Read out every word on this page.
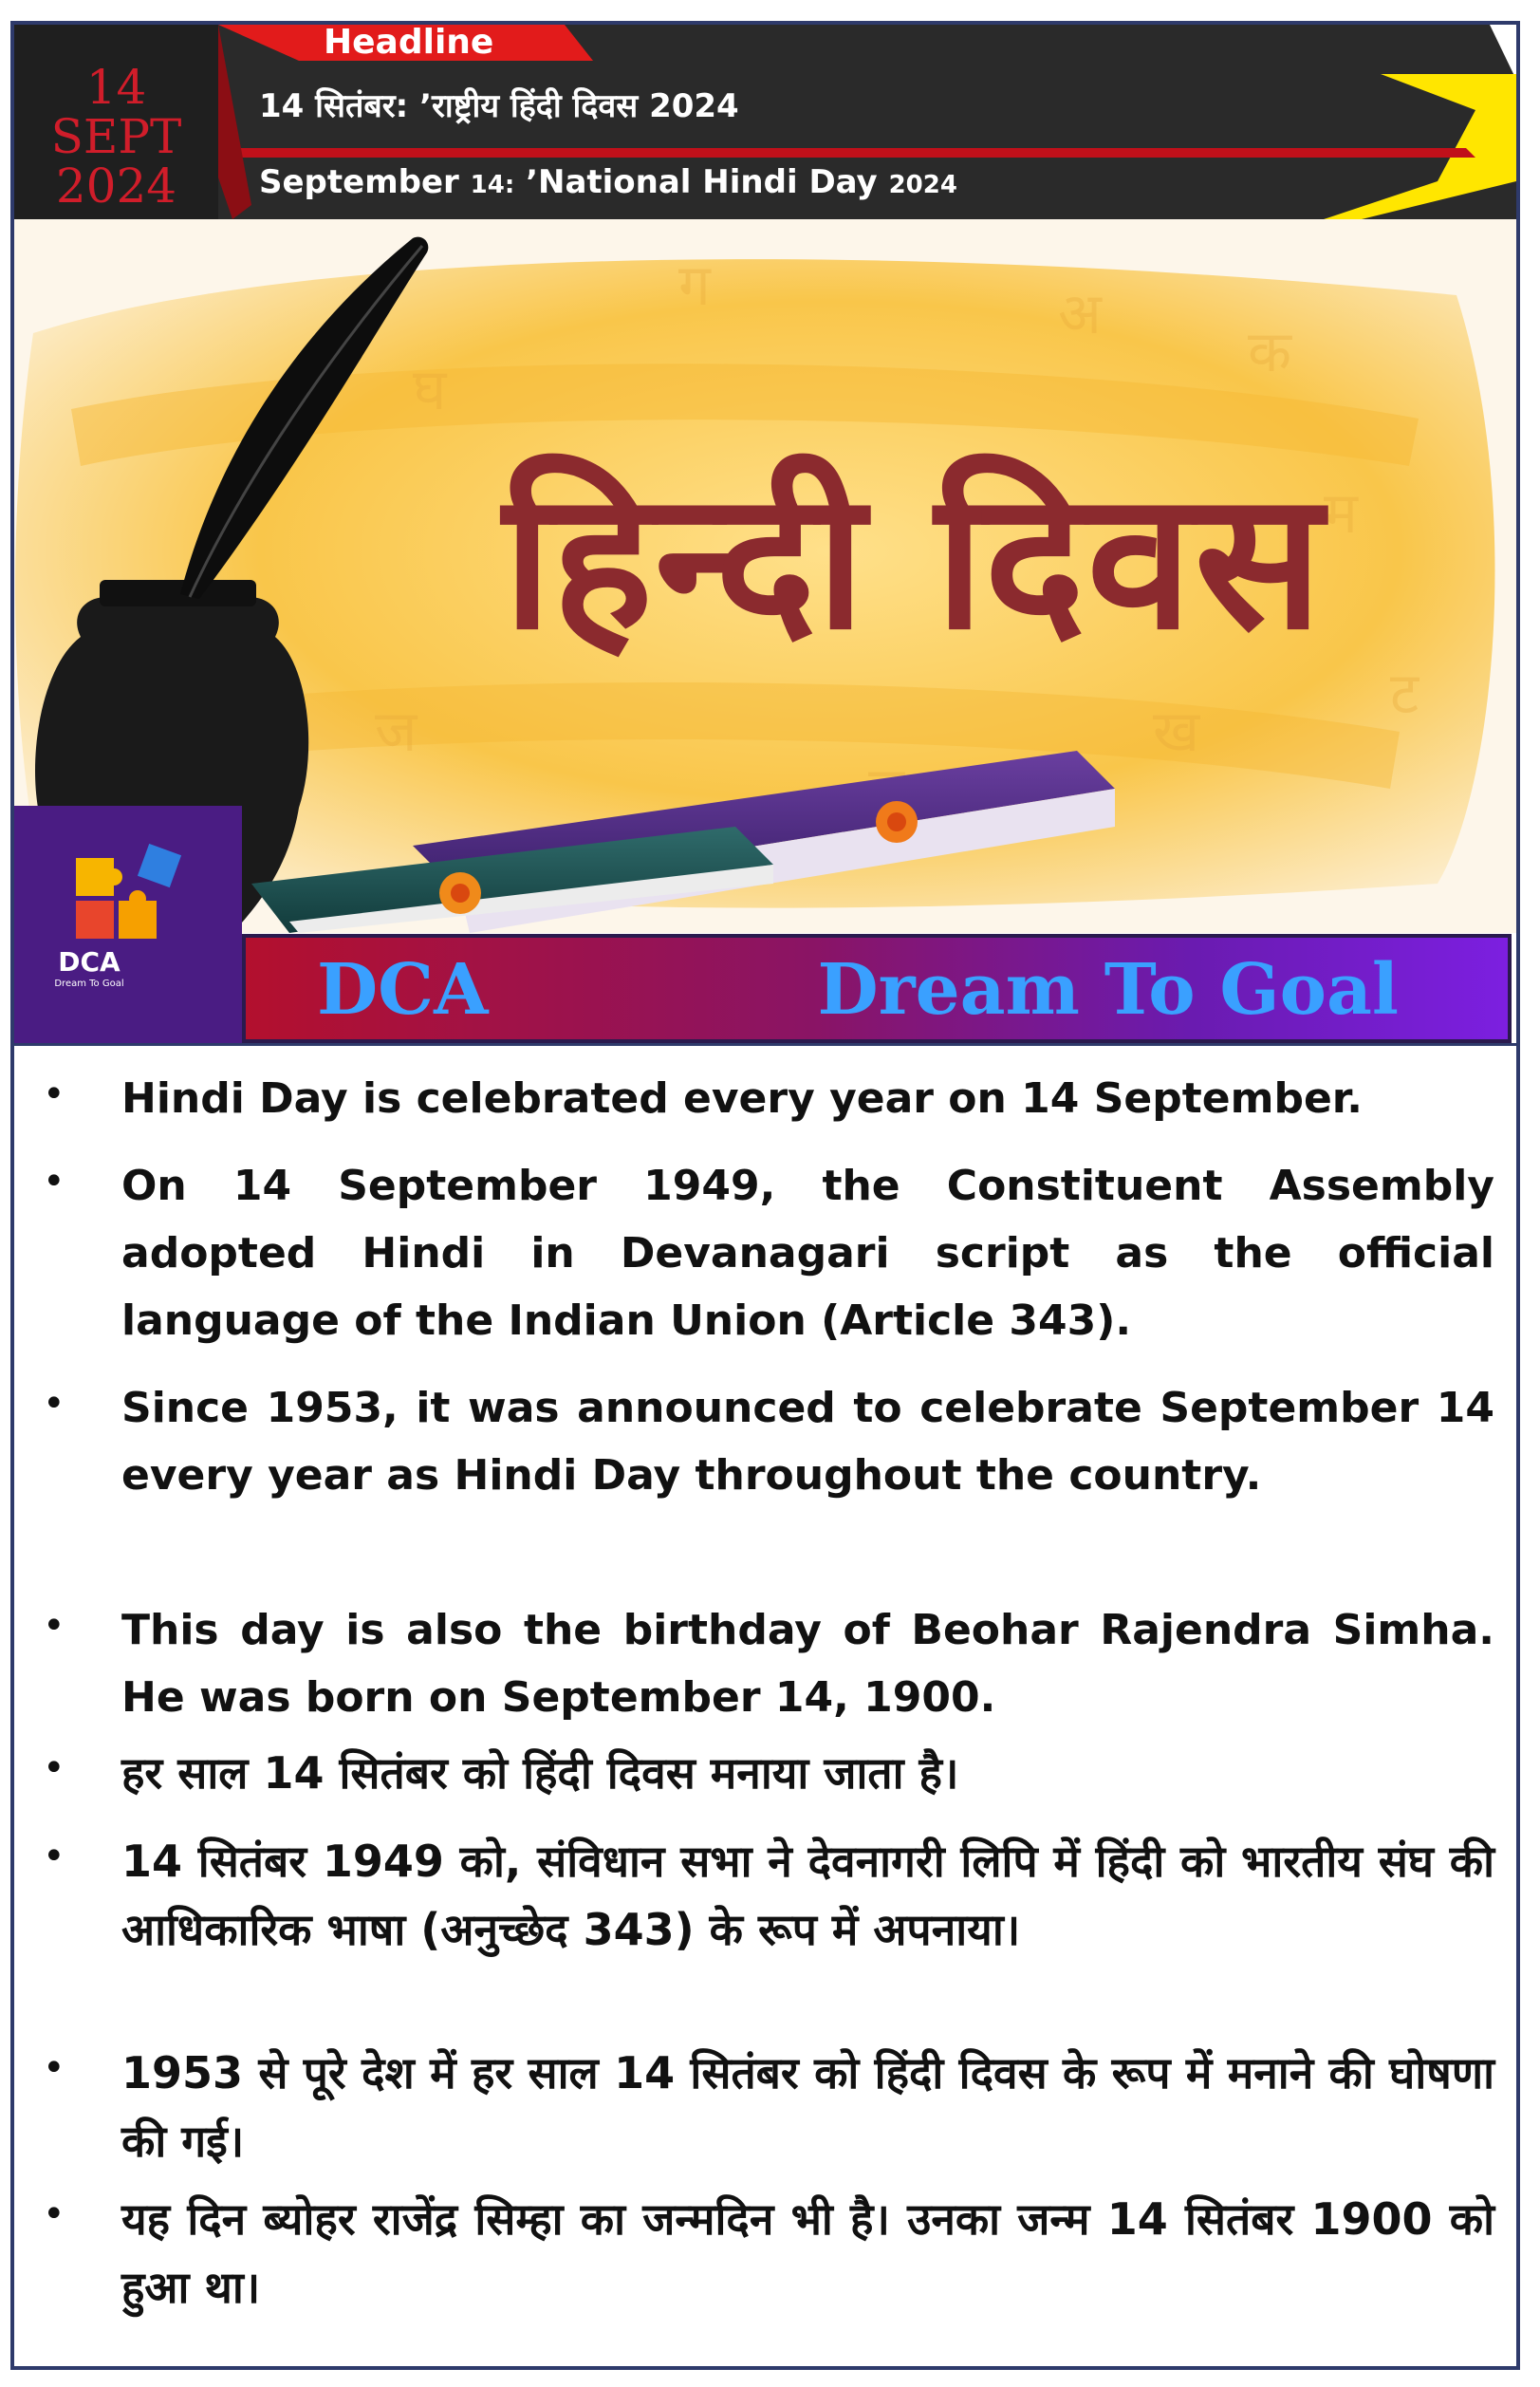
14
SEPT
2024
Headline
14 सितंबर: ’राष्ट्रीय हिंदी दिवस 2024
September 14: ’National Hindi Day 2024
अ
क
ग
म
घ
ख
ज
ट
हिन्दी दिवस
DCA
Dream To Goal	DCA	Dream To Goal
• Hindi Day is celebrated every year on 14 September.
• On 14 September 1949, the Constituent Assembly adopted Hindi in Devanagari script as the official language of the Indian Union (Article 343).
• Since 1953, it was announced to celebrate September 14 every year as Hindi Day throughout the country.
• This day is also the birthday of Beohar Rajendra Simha. He was born on September 14, 1900.
• हर साल 14 सितंबर को हिंदी दिवस मनाया जाता है।
• 14 सितंबर 1949 को, संविधान सभा ने देवनागरी लिपि में हिंदी को भारतीय संघ की आधिकारिक भाषा (अनुच्छेद 343) के रूप में अपनाया।
• 1953 से पूरे देश में हर साल 14 सितंबर को हिंदी दिवस के रूप में मनाने की घोषणा की गई।
• यह दिन ब्योहर राजेंद्र सिम्हा का जन्मदिन भी है। उनका जन्म 14 सितंबर 1900 को हुआ था।
